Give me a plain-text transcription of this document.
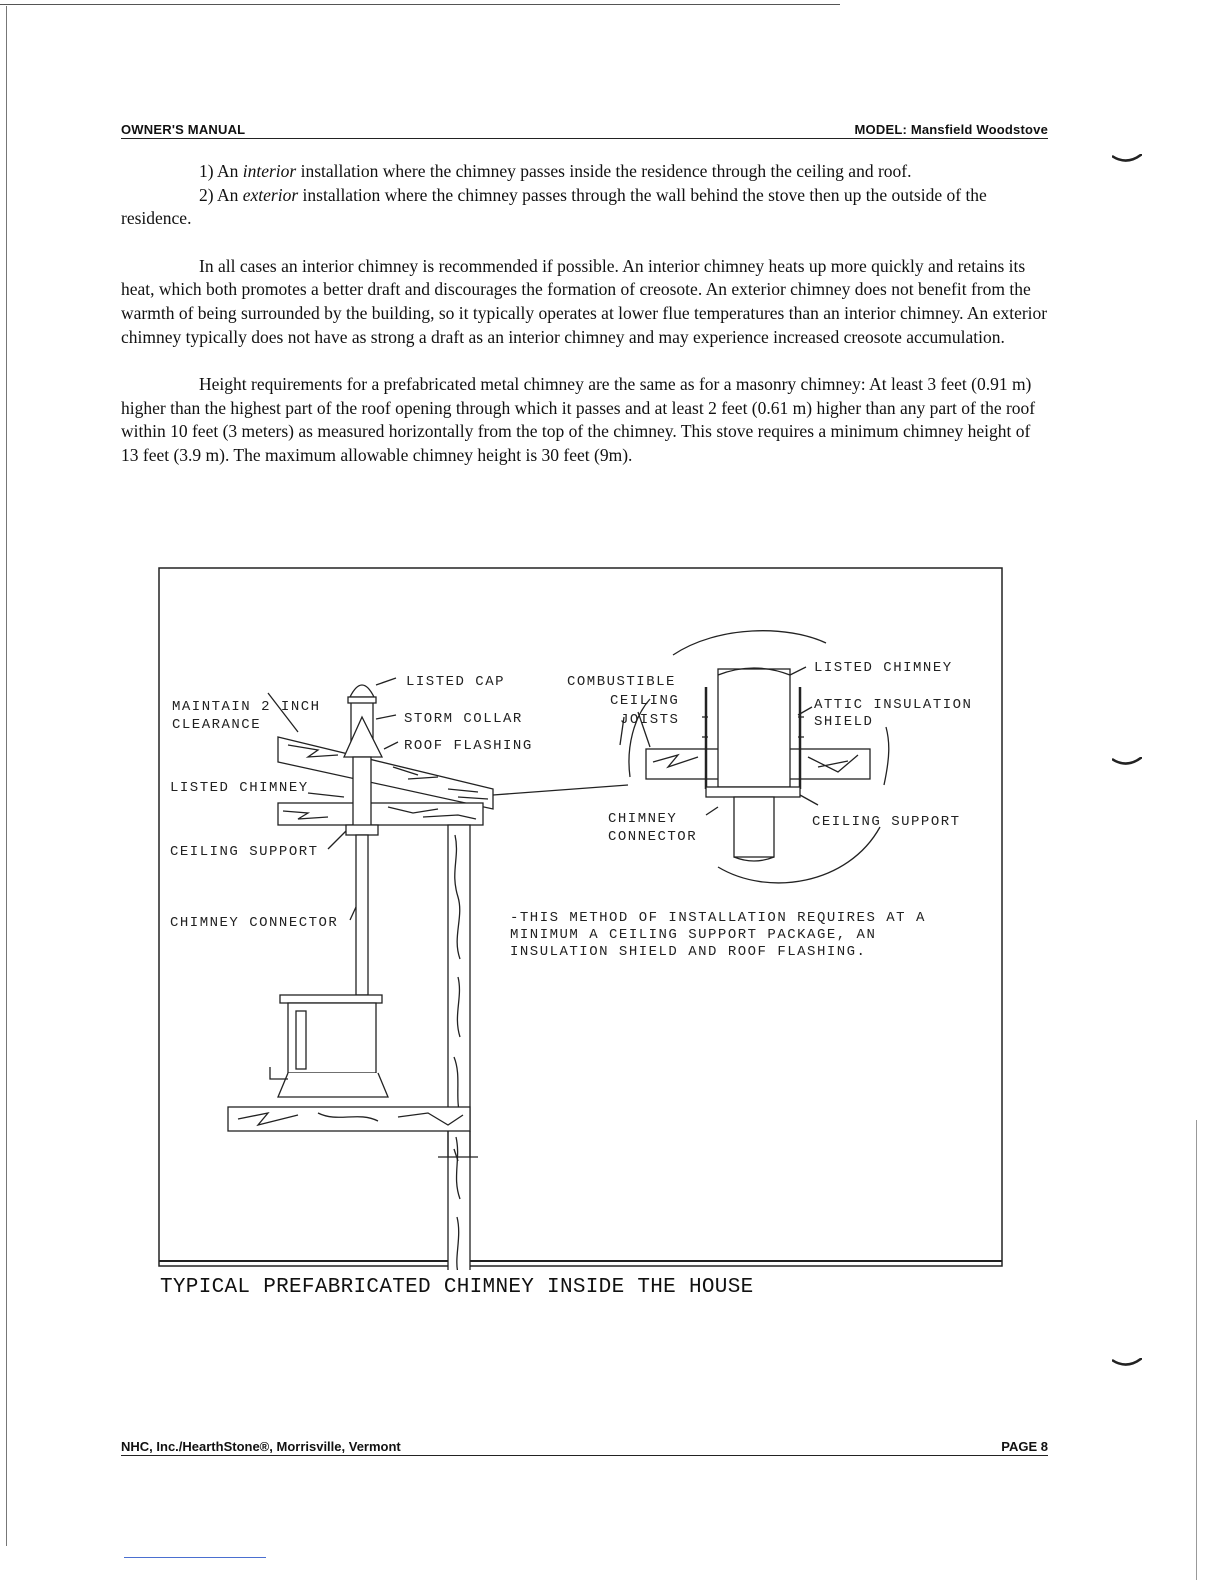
OWNER'S MANUAL	MODEL: Mansfield Woodstove

1) An interior installation where the chimney passes inside the residence through the ceiling and roof.

2) An exterior installation where the chimney passes through the wall behind the stove then up the outside of the residence.

In all cases an interior chimney is recommended if possible. An interior chimney heats up more quickly and retains its heat, which both promotes a better draft and discourages the formation of creosote. An exterior chimney does not benefit from the warmth of being surrounded by the building, so it typically operates at lower flue temperatures than an interior chimney. An exterior chimney typically does not have as strong a draft as an interior chimney and may experience increased creosote accumulation.

Height requirements for a prefabricated metal chimney are the same as for a masonry chimney: At least 3 feet (0.91 m) higher than the highest part of the roof opening through which it passes and at least 2 feet (0.61 m) higher than any part of the roof within 10 feet (3 meters) as measured horizontally from the top of the chimney. This stove requires a minimum chimney height of 13 feet (3.9 m). The maximum allowable chimney height is 30 feet (9m).

LISTED CAP
MAINTAIN 2 INCH
CLEARANCE	STORM COLLAR
ROOF FLASHING
LISTED CHIMNEY
CEILING SUPPORT
CHIMNEY CONNECTOR
COMBUSTIBLE
CEILING
JOISTS
LISTED CHIMNEY
ATTIC INSULATION
SHIELD
CHIMNEY
CONNECTOR
CEILING SUPPORT
-THIS METHOD OF INSTALLATION REQUIRES AT A
MINIMUM A CEILING SUPPORT PACKAGE, AN
INSULATION SHIELD AND ROOF FLASHING.
TYPICAL PREFABRICATED CHIMNEY INSIDE THE HOUSE
NHC, Inc./HearthStone®, Morrisville, Vermont	PAGE 8
